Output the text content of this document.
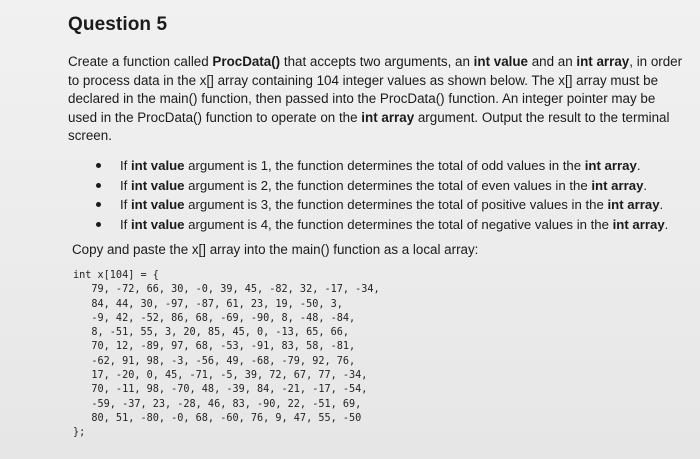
Question 5
Create a function called ProcData() that accepts two arguments, an int value and an int array, in order
to process data in the x[] array containing 104 integer values as shown below. The x[] array must be
declared in the main() function, then passed into the ProcData() function. An integer pointer may be
used in the ProcData() function to operate on the int array argument. Output the result to the terminal
screen.
If int value argument is 1, the function determines the total of odd values in the int array.
If int value argument is 2, the function determines the total of even values in the int array.
If int value argument is 3, the function determines the total of positive values in the int array.
If int value argument is 4, the function determines the total of negative values in the int array.
Copy and paste the x[] array into the main() function as a local array:
int x[104] = {
79, -72, 66, 30, -0, 39, 45, -82, 32, -17, -34,
84, 44, 30, -97, -87, 61, 23, 19, -50, 3,
-9, 42, -52, 86, 68, -69, -90, 8, -48, -84,
8, -51, 55, 3, 20, 85, 45, 0, -13, 65, 66,
70, 12, -89, 97, 68, -53, -91, 83, 58, -81,
-62, 91, 98, -3, -56, 49, -68, -79, 92, 76,
17, -20, 0, 45, -71, -5, 39, 72, 67, 77, -34,
70, -11, 98, -70, 48, -39, 84, -21, -17, -54,
-59, -37, 23, -28, 46, 83, -90, 22, -51, 69,
80, 51, -80, -0, 68, -60, 76, 9, 47, 55, -50
};
